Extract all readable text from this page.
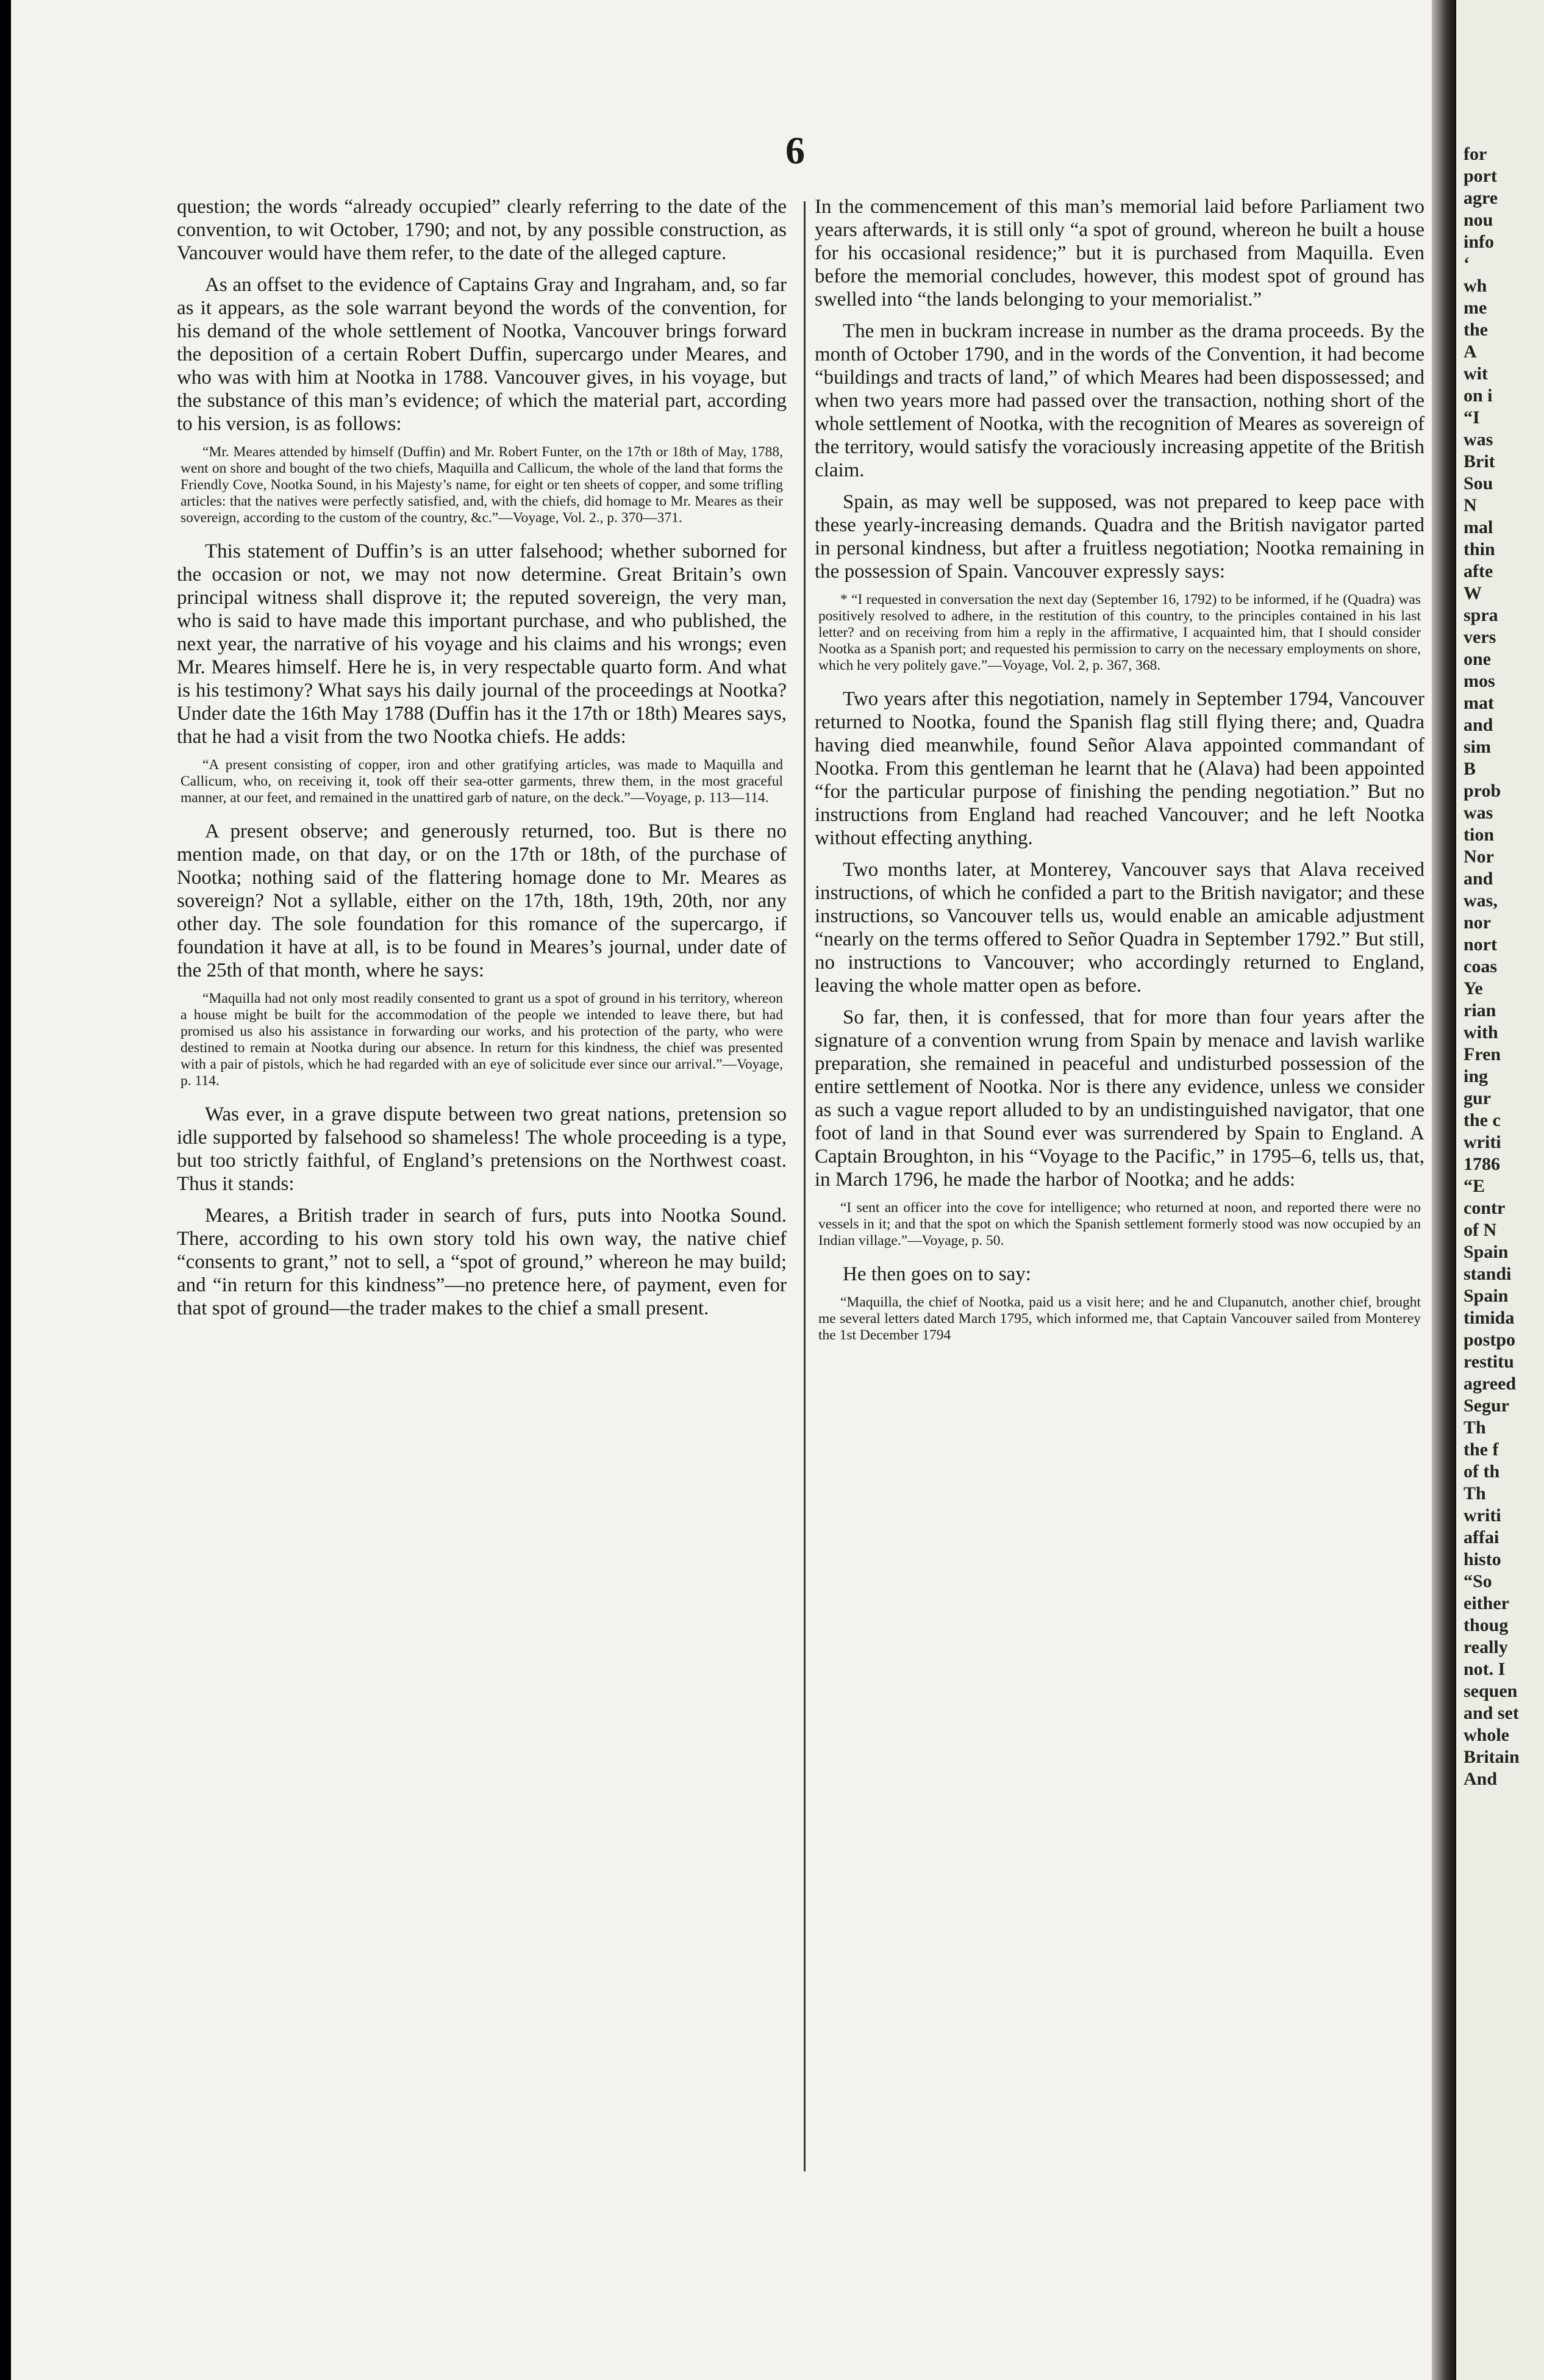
6

question; the words “already occupied” clearly referring to the date of the convention, to wit October, 1790; and not, by any possible construction, as Vancouver would have them refer, to the date of the alleged capture.

As an offset to the evidence of Captains Gray and Ingraham, and, so far as it appears, as the sole warrant beyond the words of the convention, for his demand of the whole settlement of Nootka, Vancouver brings forward the deposition of a certain Robert Duffin, supercargo under Meares, and who was with him at Nootka in 1788. Vancouver gives, in his voyage, but the substance of this man’s evidence; of which the material part, according to his version, is as follows:

“Mr. Meares attended by himself (Duffin) and Mr. Robert Funter, on the 17th or 18th of May, 1788, went on shore and bought of the two chiefs, Maquilla and Callicum, the whole of the land that forms the Friendly Cove, Nootka Sound, in his Majesty’s name, for eight or ten sheets of copper, and some trifling articles: that the natives were perfectly satisfied, and, with the chiefs, did homage to Mr. Meares as their sovereign, according to the custom of the country, &c.”—Voyage, Vol. 2., p. 370—371.

This statement of Duffin’s is an utter falsehood; whether suborned for the occasion or not, we may not now determine. Great Britain’s own principal witness shall disprove it; the reputed sovereign, the very man, who is said to have made this important purchase, and who published, the next year, the narrative of his voyage and his claims and his wrongs; even Mr. Meares himself. Here he is, in very respectable quarto form. And what is his testimony? What says his daily journal of the proceedings at Nootka? Under date the 16th May 1788 (Duffin has it the 17th or 18th) Meares says, that he had a visit from the two Nootka chiefs. He adds:

“A present consisting of copper, iron and other gratifying articles, was made to Maquilla and Callicum, who, on receiving it, took off their sea-otter garments, threw them, in the most graceful manner, at our feet, and remained in the unattired garb of nature, on the deck.”—Voyage, p. 113—114.

A present observe; and generously returned, too. But is there no mention made, on that day, or on the 17th or 18th, of the purchase of Nootka; nothing said of the flattering homage done to Mr. Meares as sovereign? Not a syllable, either on the 17th, 18th, 19th, 20th, nor any other day. The sole foundation for this romance of the supercargo, if foundation it have at all, is to be found in Meares’s journal, under date of the 25th of that month, where he says:

“Maquilla had not only most readily consented to grant us a spot of ground in his territory, whereon a house might be built for the accommodation of the people we intended to leave there, but had promised us also his assistance in forwarding our works, and his protection of the party, who were destined to remain at Nootka during our absence. In return for this kindness, the chief was presented with a pair of pistols, which he had regarded with an eye of solicitude ever since our arrival.”—Voyage, p. 114.

Was ever, in a grave dispute between two great nations, pretension so idle supported by falsehood so shameless! The whole proceeding is a type, but too strictly faithful, of England’s pretensions on the Northwest coast. Thus it stands:

Meares, a British trader in search of furs, puts into Nootka Sound. There, according to his own story told his own way, the native chief “consents to grant,” not to sell, a “spot of ground,” whereon he may build; and “in return for this kindness”—no pretence here, of payment, even for that spot of ground—the trader makes to the chief a small present.

In the commencement of this man’s memorial laid before Parliament two years afterwards, it is still only “a spot of ground, whereon he built a house for his occasional residence;” but it is purchased from Maquilla. Even before the memorial concludes, however, this modest spot of ground has swelled into “the lands belonging to your memorialist.”

The men in buckram increase in number as the drama proceeds. By the month of October 1790, and in the words of the Convention, it had become “buildings and tracts of land,” of which Meares had been dispossessed; and when two years more had passed over the transaction, nothing short of the whole settlement of Nootka, with the recognition of Meares as sovereign of the territory, would satisfy the voraciously increasing appetite of the British claim.

Spain, as may well be supposed, was not prepared to keep pace with these yearly-increasing demands. Quadra and the British navigator parted in personal kindness, but after a fruitless negotiation; Nootka remaining in the possession of Spain. Vancouver expressly says:

* “I requested in conversation the next day (September 16, 1792) to be informed, if he (Quadra) was positively resolved to adhere, in the restitution of this country, to the principles contained in his last letter? and on receiving from him a reply in the affirmative, I acquainted him, that I should consider Nootka as a Spanish port; and requested his permission to carry on the necessary employments on shore, which he very politely gave.”—Voyage, Vol. 2, p. 367, 368.

Two years after this negotiation, namely in September 1794, Vancouver returned to Nootka, found the Spanish flag still flying there; and, Quadra having died meanwhile, found Señor Alava appointed commandant of Nootka. From this gentleman he learnt that he (Alava) had been appointed “for the particular purpose of finishing the pending negotiation.” But no instructions from England had reached Vancouver; and he left Nootka without effecting anything.

Two months later, at Monterey, Vancouver says that Alava received instructions, of which he confided a part to the British navigator; and these instructions, so Vancouver tells us, would enable an amicable adjustment “nearly on the terms offered to Señor Quadra in September 1792.” But still, no instructions to Vancouver; who accordingly returned to England, leaving the whole matter open as before.

So far, then, it is confessed, that for more than four years after the signature of a convention wrung from Spain by menace and lavish warlike preparation, she remained in peaceful and undisturbed possession of the entire settlement of Nootka. Nor is there any evidence, unless we consider as such a vague report alluded to by an undistinguished navigator, that one foot of land in that Sound ever was surrendered by Spain to England. A Captain Broughton, in his “Voyage to the Pacific,” in 1795–6, tells us, that, in March 1796, he made the harbor of Nootka; and he adds:

“I sent an officer into the cove for intelligence; who returned at noon, and reported there were no vessels in it; and that the spot on which the Spanish settlement formerly stood was now occupied by an Indian village.”—Voyage, p. 50.

He then goes on to say:

“Maquilla, the chief of Nootka, paid us a visit here; and he and Clupanutch, another chief, brought me several letters dated March 1795, which informed me, that Captain Vancouver sailed from Monterey the 1st December 1794

for
port
agre
nou
info
‘
wh
me
the
A
wit
on i
“I
was
Brit
Sou
N
mal
thin
afte
W
spra
vers
one
mos
mat
and
sim
B
prob
was
tion
Nor
and
was,
nor
nort
coas
Ye
rian
with
Fren
ing
gur
the c
writi
1786
“E
contr
of N
Spain
standi
Spain
timida
postpo
restitu
agreed
Segur
Th
the f
of th
Th
writi
affai
histo
“So
either
thoug
really
not. I
sequen
and set
whole
Britain
And
